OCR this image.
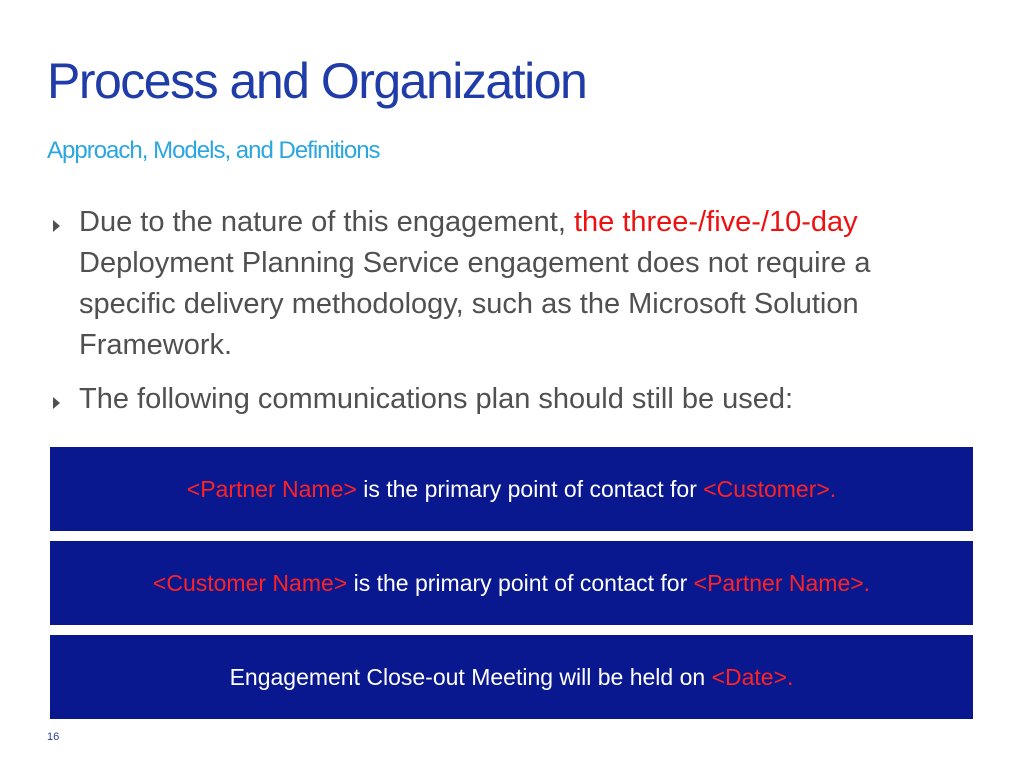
Process and Organization
Approach, Models, and Definitions
Due to the nature of this engagement, the three-/five-/10-day Deployment Planning Service engagement does not require a specific delivery methodology, such as the Microsoft Solution Framework.
The following communications plan should still be used:
<Partner Name> is the primary point of contact for <Customer>.
<Customer Name> is the primary point of contact for <Partner Name>.
Engagement Close-out Meeting will be held on <Date>.
16
